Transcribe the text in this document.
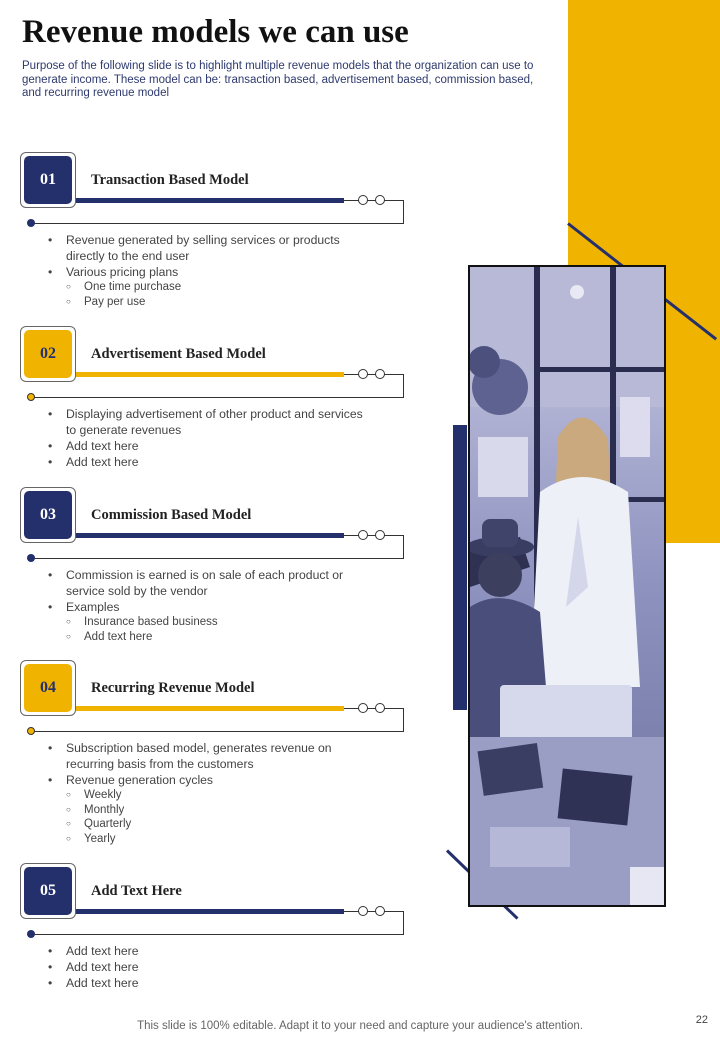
Revenue models we can use

Purpose of the following slide is to highlight multiple revenue models that the organization can use to generate income. These model can be: transaction based, advertisement based, commission based, and recurring revenue model

01	Transaction Based Model
• Revenue generated by selling services or products directly to the end user
• Various pricing plans
○ One time purchase
○ Pay per use
02	Advertisement Based Model
• Displaying advertisement of other product and services to generate revenues
• Add text here
• Add text here
03	Commission Based Model
• Commission is earned is on sale of each product or service sold by the vendor
• Examples
○ Insurance based business
○ Add text here
04	Recurring Revenue Model
• Subscription based model, generates revenue on recurring basis from the customers
• Revenue generation cycles
○ Weekly
○ Monthly
○ Quarterly
○ Yearly
05	Add Text Here
• Add text here
• Add text here
• Add text here
This slide is 100% editable. Adapt it to your need and capture your audience's attention.	22
